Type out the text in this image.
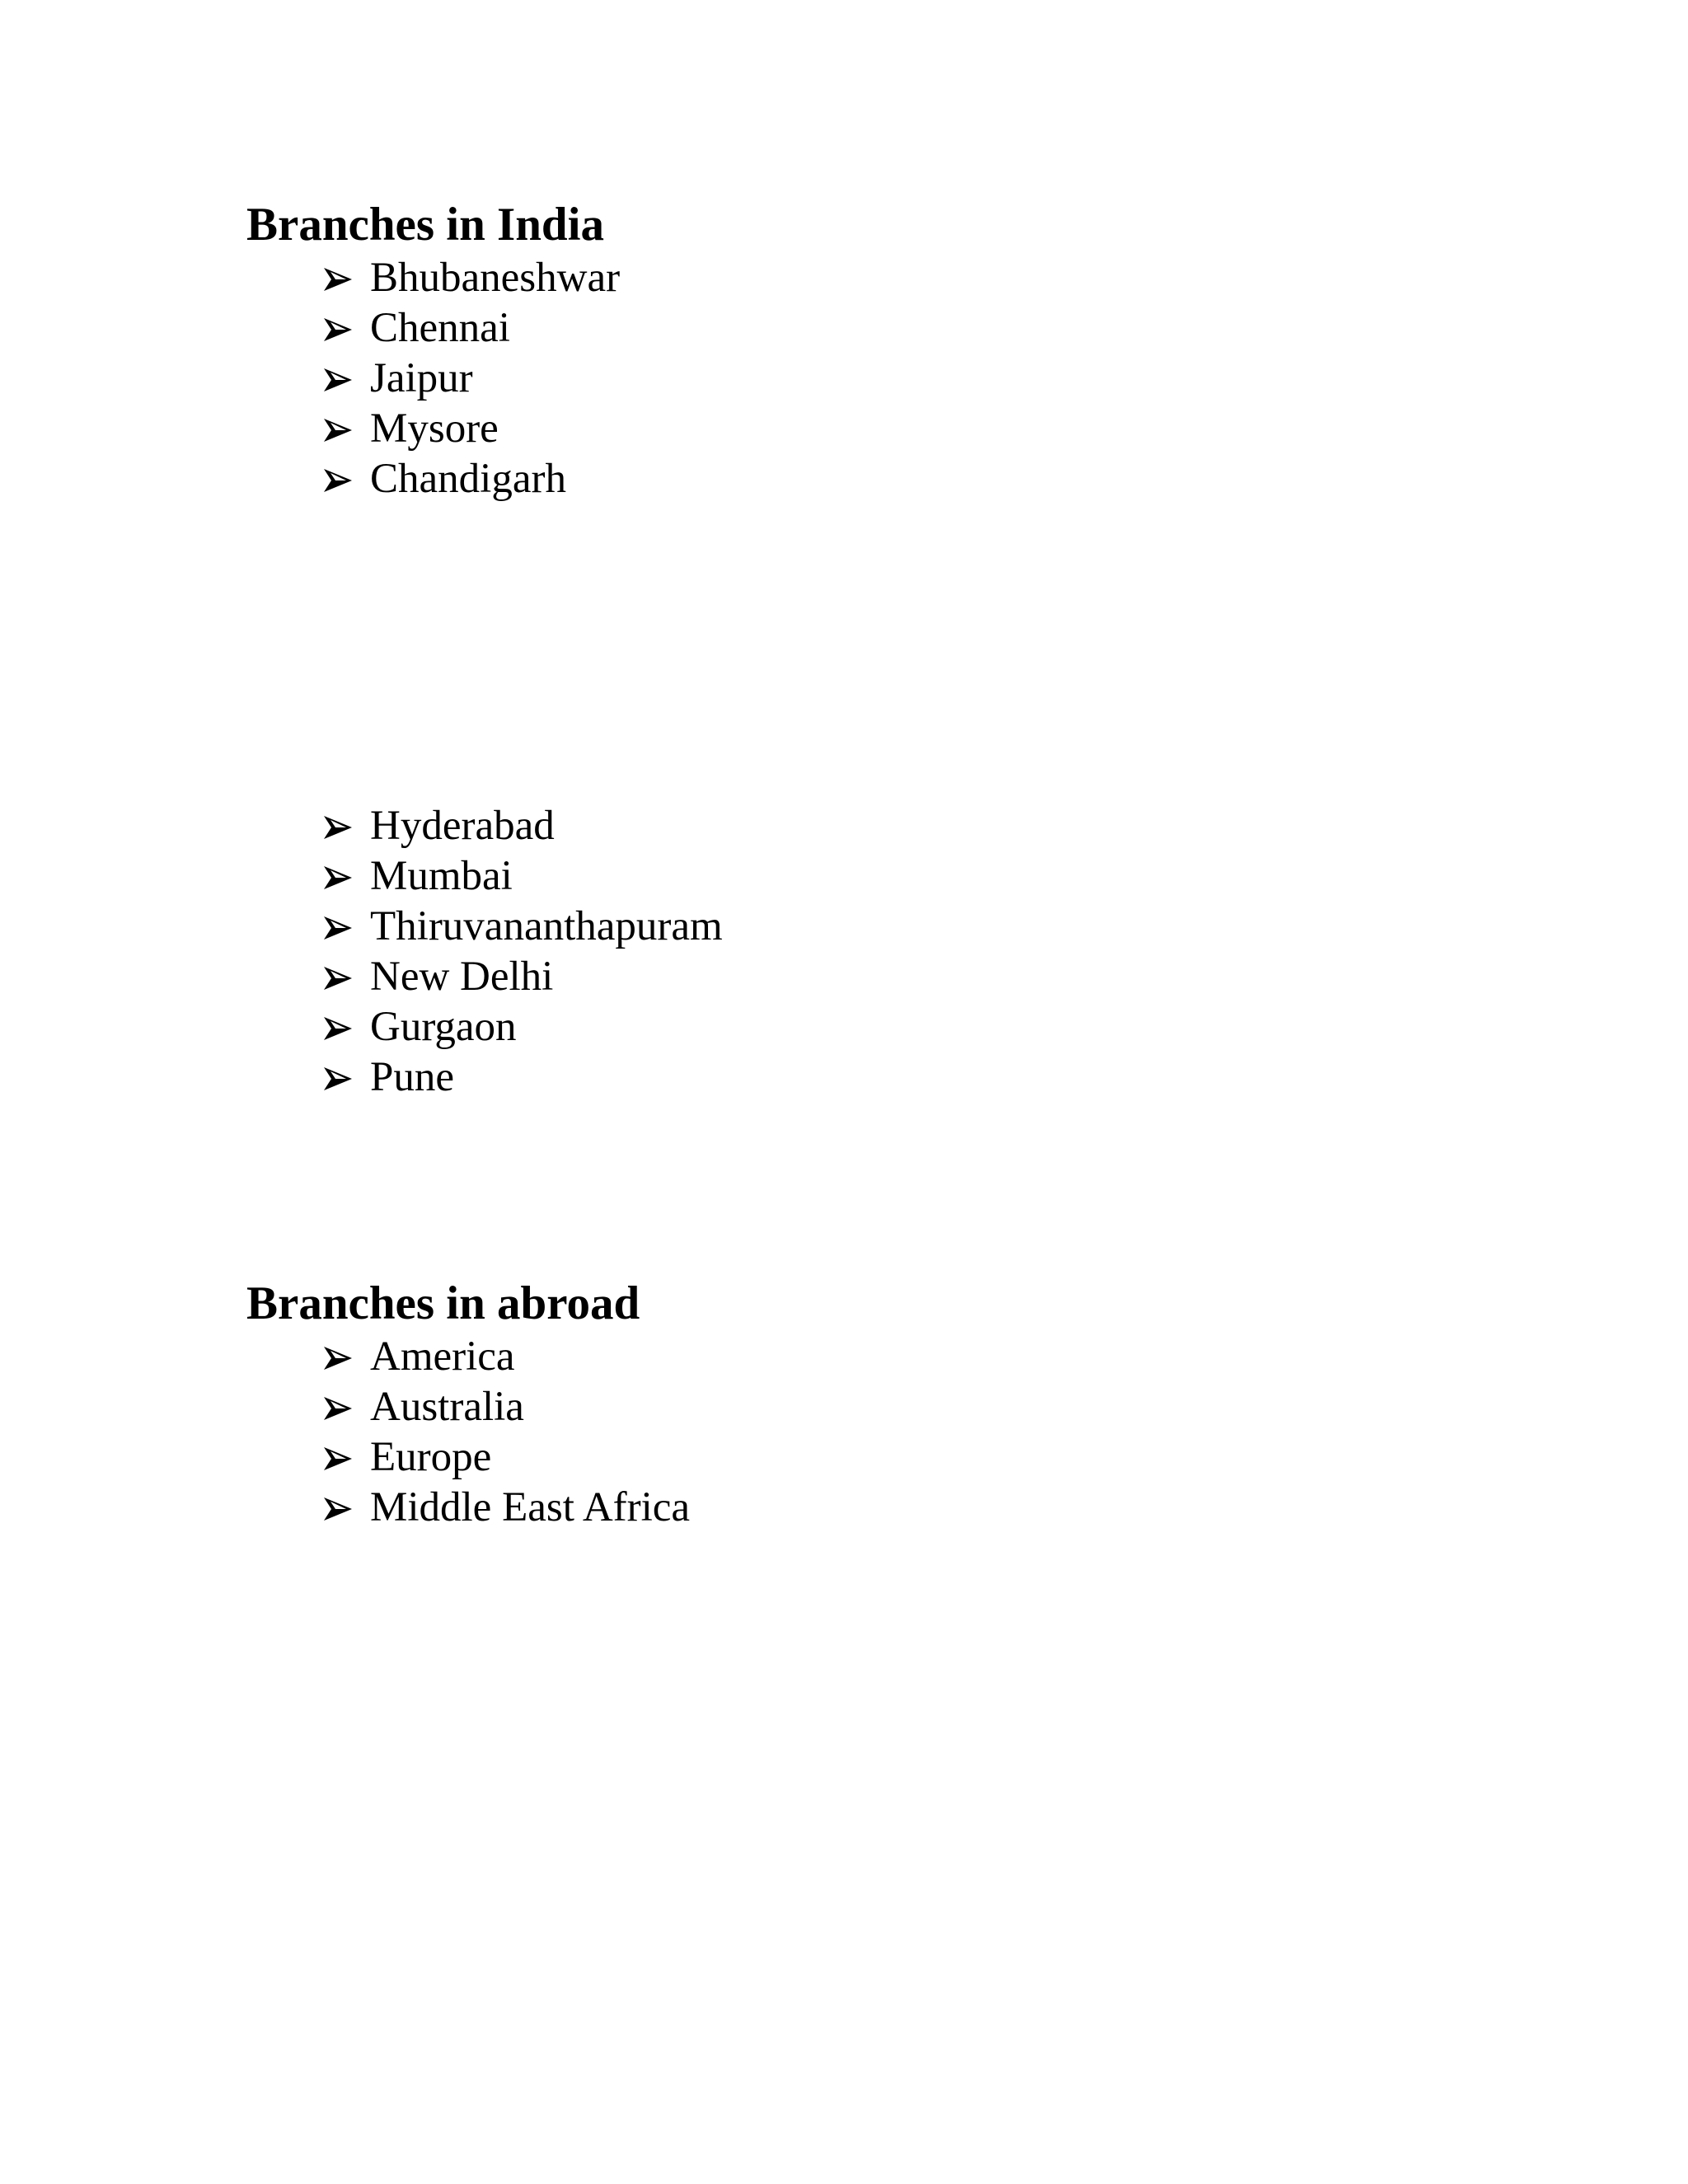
Branches in India
Bhubaneshwar
Chennai
Jaipur
Mysore
Chandigarh
Hyderabad
Mumbai
Thiruvananthapuram
New Delhi
Gurgaon
Pune
Branches in abroad
America
Australia
Europe
Middle East Africa
